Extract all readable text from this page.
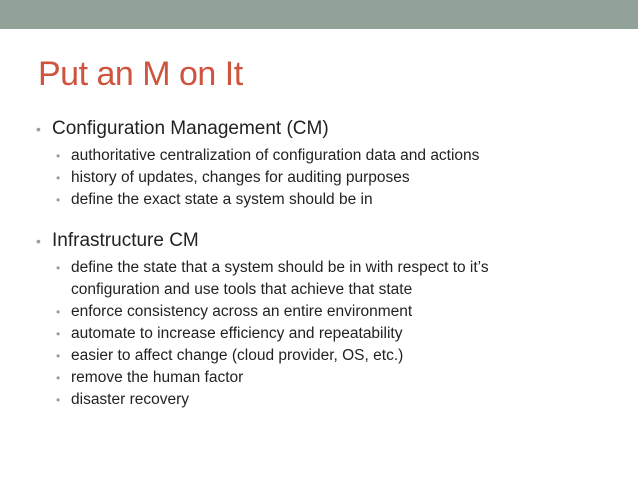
Put an M on It
• Configuration Management (CM)
• authoritative centralization of configuration data and actions
• history of updates, changes for auditing purposes
• define the exact state a system should be in
• Infrastructure CM
• define the state that a system should be in with respect to it’s
configuration and use tools that achieve that state
• enforce consistency across an entire environment
• automate to increase efficiency and repeatability
• easier to affect change (cloud provider, OS, etc.)
• remove the human factor
• disaster recovery
